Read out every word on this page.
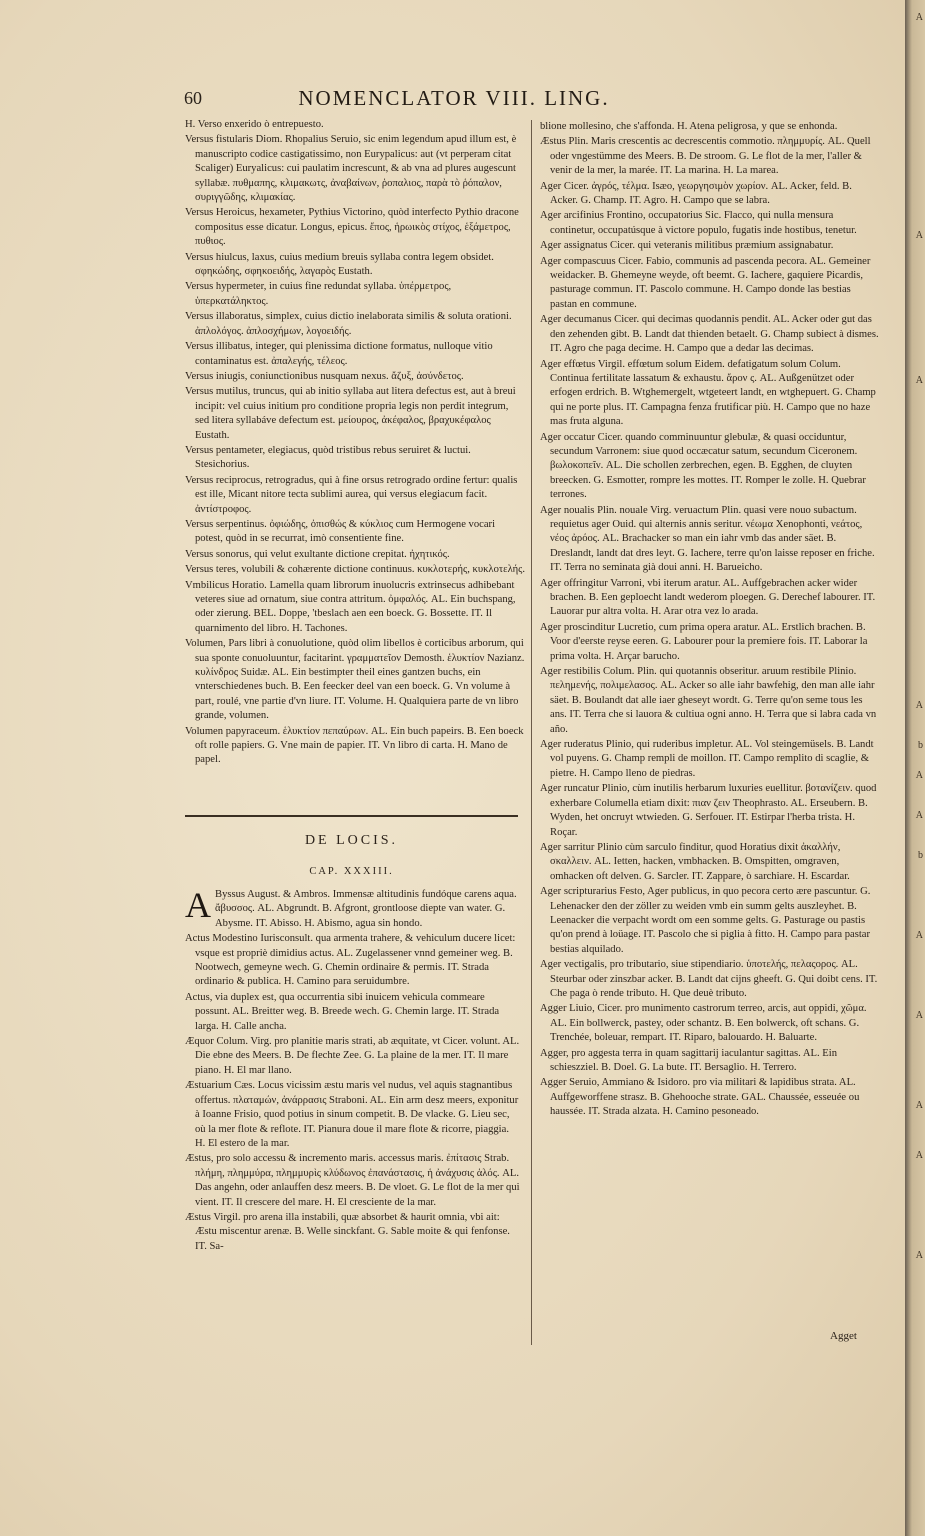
60	NOMENCLATOR VIII. LING.

H. Verso enxerido ò entrepuesto.

Versus fistularis Diom. Rhopalius Seruio, sic enim legendum apud illum est, è manuscripto codice castigatissimo, non Eurypalicus: aut (vt perperam citat Scaliger) Euryalicus: cui paulatim increscunt, & ab vna ad plures augescunt syllabæ. πυθμαπης, κλιμακωτς, ἀναβαίνων, ῥοπαλιος, παρὰ τὸ ῥόπαλον, συριγγῶδης, κλιμακίας.

Versus Heroicus, hexameter, Pythius Victorino, quòd interfecto Pythio dracone compositus esse dicatur. Longus, epicus. ἔπος, ἡρωικὸς στίχος, ἑξάμετρος, πυθιος.

Versus hiulcus, laxus, cuius medium breuis syllaba contra legem obsidet. σφηκώδης, σφηκοειδής, λαγαρὸς Eustath.

Versus hypermeter, in cuius fine redundat syllaba. ὑπέρμετρος, ὑπερκατάληκτος.

Versus illaboratus, simplex, cuius dictio inelaborata similis & soluta orationi. ἀπλολόγος. ἀπλοσχήμων, λογοειδής.

Versus illibatus, integer, qui plenissima dictione formatus, nulloque vitio contaminatus est. ἀπαλεγής, τέλεος.

Versus iniugis, coniunctionibus nusquam nexus. ἄζυξ, ἀσύνδετος.

Versus mutilus, truncus, qui ab initio syllaba aut litera defectus est, aut à breui incipit: vel cuius initium pro conditione propria legis non perdit integrum, sed litera syllabáve defectum est. μείουρος, ἀκέφαλος, βραχυκέφαλος Eustath.

Versus pentameter, elegiacus, quòd tristibus rebus seruiret & luctui. Stesichorius.

Versus reciprocus, retrogradus, qui à fine orsus retrogrado ordine fertur: qualis est ille, Micant nitore tecta sublimi aurea, qui versus elegiacum facit. ἀντίστροφος.

Versus serpentinus. ὀφιώδης, ὀπισθώς & κύκλιος cum Hermogene vocari potest, quòd in se recurrat, imò consentiente fine.

Versus sonorus, qui velut exultante dictione crepitat. ἠχητικός.

Versus teres, volubili & cohærente dictione continuus. κυκλοτερής, κυκλοτελής.

Vmbilicus Horatio. Lamella quam librorum inuolucris extrinsecus adhibebant veteres siue ad ornatum, siue contra attritum. ὀμφαλός. AL. Ein buchspang, oder zierung. BEL. Doppe, 'tbeslach aen een boeck. G. Bossette. IT. Il quarnimento del libro. H. Tachones.

Volumen, Pars libri à conuolutione, quòd olim libellos è corticibus arborum, qui sua sponte conuoluuntur, facitarint. γραμματεῖον Demosth. ἑλυκτίον Nazianz. κυλίνδρος Suidæ. AL. Ein bestimpter theil eines gantzen buchs, ein vnterschiedenes buch. B. Een feecker deel van een boeck. G. Vn volume à part, roulé, vne partie d'vn liure. IT. Volume. H. Qualquiera parte de vn libro grande, volumen.

Volumen papyraceum. ἑλυκτίον πεπαύρων. AL. Ein buch papeirs. B. Een boeck oft rolle papiers. G. Vne main de papier. IT. Vn libro di carta. H. Mano de papel.

DE LOCIS.
CAP. XXXIII.

A Byssus August. & Ambros. Immensæ altitudinis fundóque carens aqua. ἄβυσσος. AL. Abgrundt. B. Afgront, grontloose diepte van water. G. Abysme. IT. Abisso. H. Abismo, agua sin hondo.

Actus Modestino Iurisconsult. qua armenta trahere, & vehiculum ducere licet: vsque est propriè dimidius actus. AL. Zugelassener vnnd gemeiner weg. B. Nootwech, gemeyne wech. G. Chemin ordinaire & permis. IT. Strada ordinario & publica. H. Camino para seruidumbre.

Actus, via duplex est, qua occurrentia sibi inuicem vehicula commeare possunt. AL. Breitter weg. B. Breede wech. G. Chemin large. IT. Strada larga. H. Calle ancha.

Æquor Colum. Virg. pro planitie maris strati, ab æquitate, vt Cicer. volunt. AL. Die ebne des Meers. B. De flechte Zee. G. La plaine de la mer. IT. Il mare piano. H. El mar llano.

Æstuarium Cæs. Locus vicissim æstu maris vel nudus, vel aquis stagnantibus offertus. πλαταμών, ἀνάρρασις Straboni. AL. Ein arm desz meers, exponitur à Ioanne Frisio, quod potius in sinum competit. B. De vlacke. G. Lieu sec, où la mer flote & reflote. IT. Pianura doue il mare flote & ricorre, piaggia. H. El estero de la mar.

Æstus, pro solo accessu & incremento maris. accessus maris. ἐπίτασις Strab. πλήμη, πλημμύρα, πλημμυρὶς κλύδωνος ἐπανάστασις, ἡ ἀνάχυσις ἁλός. AL. Das angehn, oder anlauffen desz meers. B. De vloet. G. Le flot de la mer qui vient. IT. Il crescere del mare. H. El cresciente de la mar.

Æstus Virgil. pro arena illa instabili, quæ absorbet & haurit omnia, vbi ait: Æstu miscentur arenæ. B. Welle sinckfant. G. Sable moite & qui fenfonse. IT. Sa-

blione mollesino, che s'affonda. H. Atena peligrosa, y que se enhonda.

Æstus Plin. Maris crescentis ac decrescentis commotio. πλημμυρίς. AL. Quell oder vngestümme des Meers. B. De stroom. G. Le flot de la mer, l'aller & venir de la mer, la marée. IT. La marina. H. La marea.

Ager Cicer. ἀγρός, τέλμα. Isæo, γεωργησιμὸν χωρίον. AL. Acker, feld. B. Acker. G. Champ. IT. Agro. H. Campo que se labra.

Ager arcifinius Frontino, occupatorius Sic. Flacco, qui nulla mensura continetur, occupatúsque à victore populo, fugatis inde hostibus, tenetur.

Ager assignatus Cicer. qui veteranis militibus præmium assignabatur.

Ager compascuus Cicer. Fabio, communis ad pascenda pecora. AL. Gemeiner weidacker. B. Ghemeyne weyde, oft beemt. G. Iachere, gaquiere Picardis, pasturage commun. IT. Pascolo commune. H. Campo donde las bestias pastan en commune.

Ager decumanus Cicer. qui decimas quodannis pendit. AL. Acker oder gut das den zehenden gibt. B. Landt dat thienden betaelt. G. Champ subiect à dismes. IT. Agro che paga decime. H. Campo que a dedar las decimas.

Ager effœtus Virgil. effœtum solum Eidem. defatigatum solum Colum. Continua fertilitate lassatum & exhaustu. ἄρον ς. AL. Außgenützet oder erfogen erdrich. B. Wtghemergelt, wtgeteert landt, en wtghepuert. G. Champ qui ne porte plus. IT. Campagna fenza frutificar più. H. Campo que no haze mas fruta alguna.

Ager occatur Cicer. quando comminuuntur glebulæ, & quasi occiduntur, secundum Varronem: siue quod occæcatur satum, secundum Ciceronem. βωλοκοπεῖν. AL. Die schollen zerbrechen, egen. B. Egghen, de cluyten breecken. G. Esmotter, rompre les mottes. IT. Romper le zolle. H. Quebrar terrones.

Ager noualis Plin. nouale Virg. veruactum Plin. quasi vere nouo subactum. requietus ager Ouid. qui alternis annis seritur. νέωμα Xenophonti, νεάτος, νέος ἀρόος. AL. Brachacker so man ein iahr vmb das ander säet. B. Dreslandt, landt dat dres leyt. G. Iachere, terre qu'on laisse reposer en friche. IT. Terra no seminata già doui anni. H. Barueicho.

Ager offringitur Varroni, vbi iterum aratur. AL. Auffgebrachen acker wider brachen. B. Een geploecht landt wederom ploegen. G. Derechef labourer. IT. Lauorar pur altra volta. H. Arar otra vez lo arada.

Ager proscinditur Lucretio, cum prima opera aratur. AL. Erstlich brachen. B. Voor d'eerste reyse eeren. G. Labourer pour la premiere fois. IT. Laborar la prima volta. H. Arçar barucho.

Ager restibilis Colum. Plin. qui quotannis obseritur. aruum restibile Plinio. πελημενής, πολιμελασος. AL. Acker so alle iahr bawfehig, den man alle iahr säet. B. Boulandt dat alle iaer gheseyt wordt. G. Terre qu'on seme tous les ans. IT. Terra che si lauora & cultiua ogni anno. H. Terra que si labra cada vn año.

Ager ruderatus Plinio, qui ruderibus impletur. AL. Vol steingemüsels. B. Landt vol puyens. G. Champ rempli de moillon. IT. Campo remplito di scaglie, & pietre. H. Campo lleno de piedras.

Ager runcatur Plinio, cùm inutilis herbarum luxuries euellitur. βοτανίζειν. quod exherbare Columella etiam dixit: πιαν ζειν Theophrasto. AL. Erseubern. B. Wyden, het oncruyt wtwieden. G. Serfouer. IT. Estirpar l'herba trista. H. Roçar.

Ager sarritur Plinio cùm sarculo finditur, quod Horatius dixit ἀκαλλήν, σκαλλειν. AL. Ietten, hacken, vmbhacken. B. Omspitten, omgraven, omhacken oft delven. G. Sarcler. IT. Zappare, ò sarchiare. H. Escardar.

Ager scripturarius Festo, Ager publicus, in quo pecora certo ære pascuntur. G. Lehenacker den der zöller zu weiden vmb ein summ gelts auszleyhet. B. Leenacker die verpacht wordt om een somme gelts. G. Pasturage ou pastis qu'on prend à loüage. IT. Pascolo che si piglia à fitto. H. Campo para pastar bestias alquilado.

Ager vectigalis, pro tributario, siue stipendiario. ὑποτελής, πελαςορος. AL. Steurbar oder zinszbar acker. B. Landt dat cijns gheeft. G. Qui doibt cens. IT. Che paga ò rende tributo. H. Que deuè tributo.

Agger Liuio, Cicer. pro munimento castrorum terreo, arcis, aut oppidi, χῶμα. AL. Ein bollwerck, pastey, oder schantz. B. Een bolwerck, oft schans. G. Trenchée, boleuar, rempart. IT. Riparo, balouardo. H. Baluarte.

Agger, pro aggesta terra in quam sagittarij iaculantur sagittas. AL. Ein schieszziel. B. Doel. G. La bute. IT. Bersaglio. H. Terrero.

Agger Seruio, Ammiano & Isidoro. pro via militari & lapidibus strata. AL. Auffgeworffene strasz. B. Ghehooche strate. GAL. Chaussée, esseuée ou haussée. IT. Strada alzata. H. Camino pesoneado.

Agget
A
A
A
A
b
A
A
b
A
A
A
A
A
